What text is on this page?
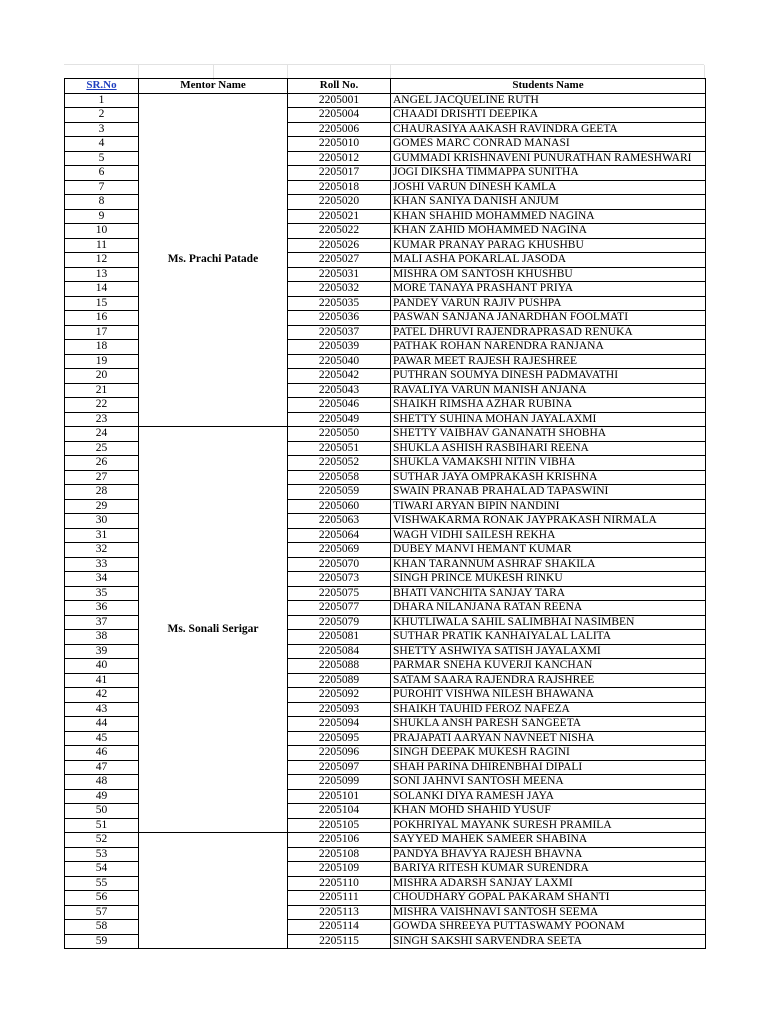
SR.No	Mentor Name	Roll No.	Students Name
1	Ms. Prachi Patade	2205001	ANGEL JACQUELINE RUTH
2		2205004	CHAADI DRISHTI DEEPIKA
3		2205006	CHAURASIYA AAKASH RAVINDRA GEETA
4		2205010	GOMES MARC CONRAD MANASI
5		2205012	GUMMADI KRISHNAVENI PUNURATHAN RAMESHWARI
6		2205017	JOGI DIKSHA TIMMAPPA SUNITHA
7		2205018	JOSHI VARUN DINESH KAMLA
8		2205020	KHAN SANIYA DANISH ANJUM
9		2205021	KHAN SHAHID MOHAMMED NAGINA
10		2205022	KHAN ZAHID MOHAMMED NAGINA
11		2205026	KUMAR PRANAY PARAG KHUSHBU
12		2205027	MALI ASHA POKARLAL JASODA
13		2205031	MISHRA OM SANTOSH KHUSHBU
14		2205032	MORE TANAYA PRASHANT PRIYA
15		2205035	PANDEY VARUN RAJIV PUSHPA
16		2205036	PASWAN SANJANA JANARDHAN FOOLMATI
17		2205037	PATEL DHRUVI RAJENDRAPRASAD RENUKA
18		2205039	PATHAK ROHAN NARENDRA RANJANA
19		2205040	PAWAR MEET RAJESH RAJESHREE
20		2205042	PUTHRAN SOUMYA DINESH PADMAVATHI
21		2205043	RAVALIYA VARUN MANISH ANJANA
22		2205046	SHAIKH RIMSHA AZHAR RUBINA
23		2205049	SHETTY SUHINA MOHAN JAYALAXMI
24	Ms. Sonali Serigar	2205050	SHETTY VAIBHAV GANANATH SHOBHA
25		2205051	SHUKLA ASHISH RASBIHARI REENA
26		2205052	SHUKLA VAMAKSHI NITIN VIBHA
27		2205058	SUTHAR JAYA OMPRAKASH KRISHNA
28		2205059	SWAIN PRANAB PRAHALAD TAPASWINI
29		2205060	TIWARI ARYAN BIPIN NANDINI
30		2205063	VISHWAKARMA RONAK JAYPRAKASH NIRMALA
31		2205064	WAGH VIDHI SAILESH REKHA
32		2205069	DUBEY MANVI HEMANT KUMAR
33		2205070	KHAN TARANNUM ASHRAF SHAKILA
34		2205073	SINGH PRINCE MUKESH RINKU
35		2205075	BHATI VANCHITA SANJAY TARA
36		2205077	DHARA NILANJANA RATAN REENA
37		2205079	KHUTLIWALA SAHIL SALIMBHAI NASIMBEN
38		2205081	SUTHAR PRATIK KANHAIYALAL LALITA
39		2205084	SHETTY ASHWIYA SATISH JAYALAXMI
40		2205088	PARMAR SNEHA KUVERJI KANCHAN
41		2205089	SATAM SAARA RAJENDRA RAJSHREE
42		2205092	PUROHIT VISHWA NILESH BHAWANA
43		2205093	SHAIKH TAUHID FEROZ NAFEZA
44		2205094	SHUKLA ANSH PARESH SANGEETA
45		2205095	PRAJAPATI AARYAN NAVNEET NISHA
46		2205096	SINGH DEEPAK MUKESH RAGINI
47		2205097	SHAH PARINA DHIRENBHAI DIPALI
48		2205099	SONI JAHNVI SANTOSH MEENA
49		2205101	SOLANKI DIYA RAMESH JAYA
50		2205104	KHAN MOHD SHAHID YUSUF
51		2205105	POKHRIYAL MAYANK SURESH PRAMILA
52		2205106	SAYYED MAHEK SAMEER SHABINA
53		2205108	PANDYA BHAVYA RAJESH BHAVNA
54		2205109	BARIYA RITESH KUMAR SURENDRA
55		2205110	MISHRA ADARSH SANJAY LAXMI
56		2205111	CHOUDHARY GOPAL PAKARAM SHANTI
57		2205113	MISHRA VAISHNAVI SANTOSH SEEMA
58		2205114	GOWDA SHREEYA PUTTASWAMY POONAM
59		2205115	SINGH SAKSHI SARVENDRA SEETA
